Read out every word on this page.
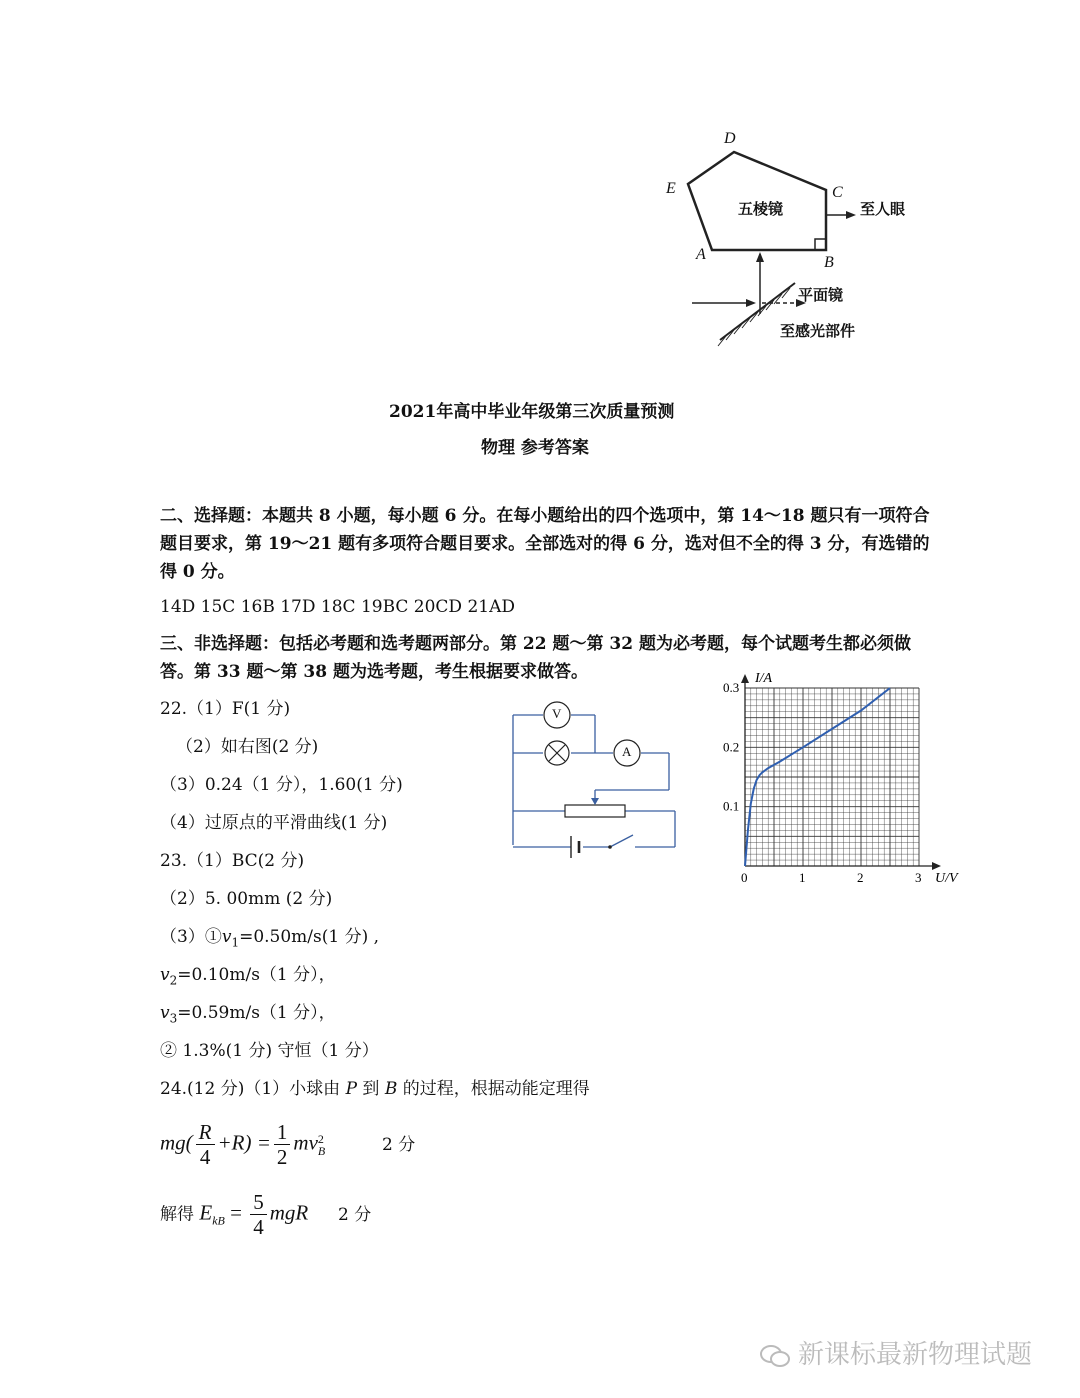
D
E	C
A	B
五棱镜	至人眼
平面镜
至感光部件
2021年高中毕业年级第三次质量预测
物理 参考答案
二、选择题：本题共 8 小题，每小题 6 分。在每小题给出的四个选项中，第 14～18 题只有一项符合题目要求，第 19～21 题有多项符合题目要求。全部选对的得 6 分，选对但不全的得 3 分，有选错的得 0 分。
14D 15C 16B 17D 18C 19BC 20CD 21AD
三、非选择题：包括必考题和选考题两部分。第 22 题～第 32 题为必考题，每个试题考生都必须做答。第 33 题～第 38 题为选考题，考生根据要求做答。
22.（1）F(1 分)
（2）如右图(2 分)
（3）0.24（1 分），1.60(1 分)
（4）过原点的平滑曲线(1 分)
23.（1）BC(2 分)
（2）5. 00mm (2 分)
$(3)①v_1=0.50m/s(1$ 分) ,
$v_2=0.10m/s(1$ 分），
$v_3=0.59m/s(1$ 分），
② 1.3%(1 分) 守恒（1 分）
24.(12 分)（1）小球由 P 到 B 的过程，根据动能定理得
$mg( \frac{R}{4} +R) = \frac{1}{2}$ mv 2
B	2 分
解得 $E_{kB} = \frac{5}{4}$ mgR 2 分
V
A
0	1	2	3
0.1
0.2
0.3
I/A
U/V
新课标最新物理试题
